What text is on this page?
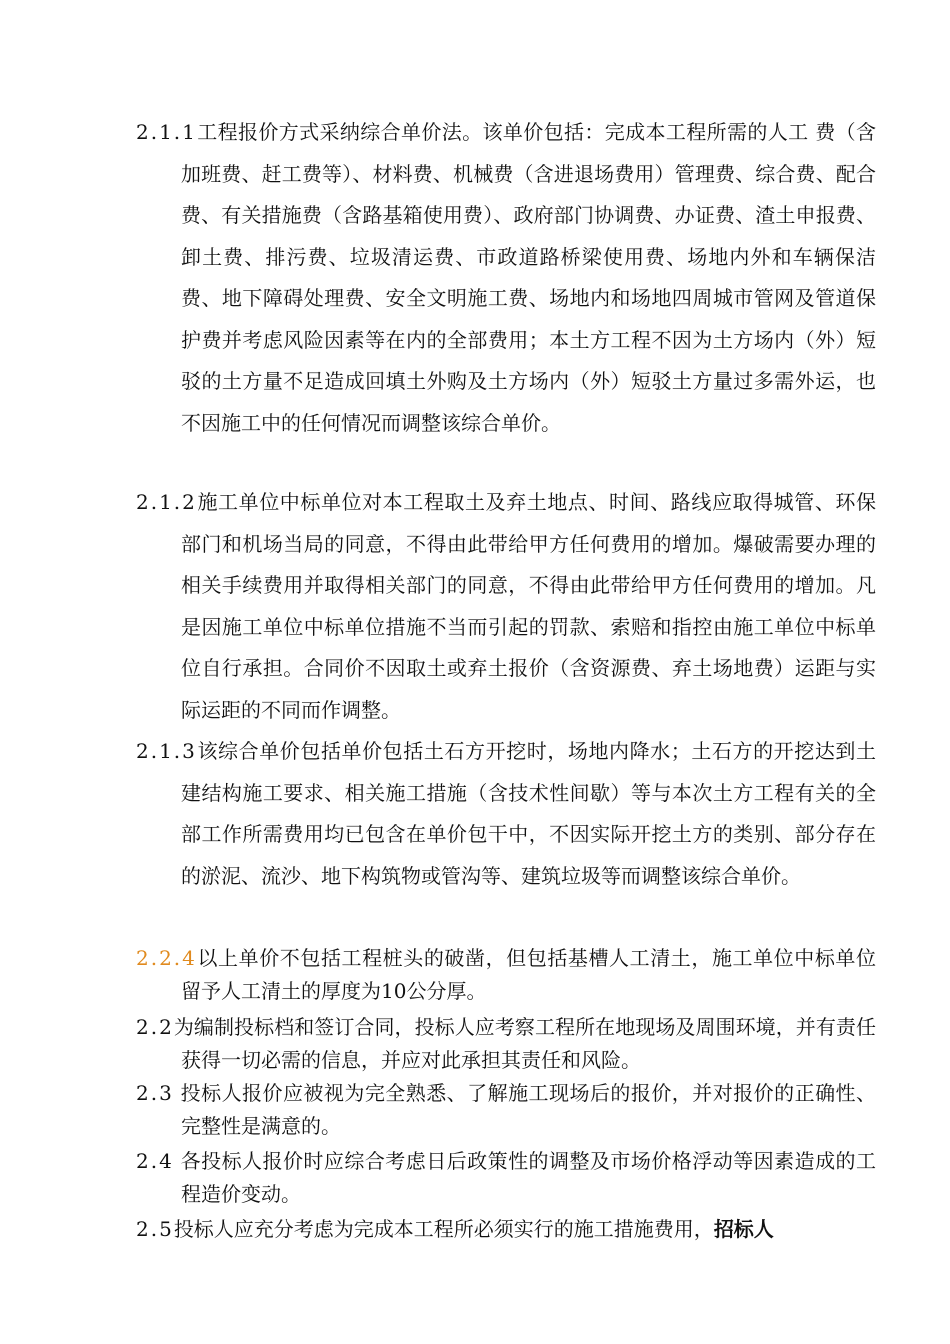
2.1.1工程报价方式采纳综合单价法。该单价包括：完成本工程所需的人工 费（含加班费、赶工费等）、材料费、机械费（含进退场费用）管理费、综合费、配合费、有关措施费（含路基箱使用费）、政府部门协调费、办证费、渣土申报费、卸土费、排污费、垃圾清运费、市政道路桥梁使用费、场地内外和车辆保洁费、地下障碍处理费、安全文明施工费、场地内和场地四周城市管网及管道保护费并考虑风险因素等在内的全部费用；本土方工程不因为土方场内（外）短驳的土方量不足造成回填土外购及土方场内（外）短驳土方量过多需外运，也不因施工中的任何情况而调整该综合单价。
2.1.2施工单位中标单位对本工程取土及弃土地点、时间、路线应取得城管、环保部门和机场当局的同意，不得由此带给甲方任何费用的增加。爆破需要办理的相关手续费用并取得相关部门的同意，不得由此带给甲方任何费用的增加。凡是因施工单位中标单位措施不当而引起的罚款、索赔和指控由施工单位中标单位自行承担。合同价不因取土或弃土报价（含资源费、弃土场地费）运距与实际运距的不同而作调整。
2.1.3该综合单价包括单价包括土石方开挖时，场地内降水；土石方的开挖达到土建结构施工要求、相关施工措施（含技术性间歇）等与本次土方工程有关的全部工作所需费用均已包含在单价包干中，不因实际开挖土方的类别、部分存在的淤泥、流沙、地下构筑物或管沟等、建筑垃圾等而调整该综合单价。
2.2.4以上单价不包括工程桩头的破凿，但包括基槽人工清土，施工单位中标单位留予人工清土的厚度为10公分厚。
2.2为编制投标档和签订合同，投标人应考察工程所在地现场及周围环境，并有责任获得一切必需的信息，并应对此承担其责任和风险。
2.3 投标人报价应被视为完全熟悉、了解施工现场后的报价，并对报价的正确性、完整性是满意的。
2.4 各投标人报价时应综合考虑日后政策性的调整及市场价格浮动等因素造成的工程造价变动。
2.5投标人应充分考虑为完成本工程所必须实行的施工措施费用，招标人
